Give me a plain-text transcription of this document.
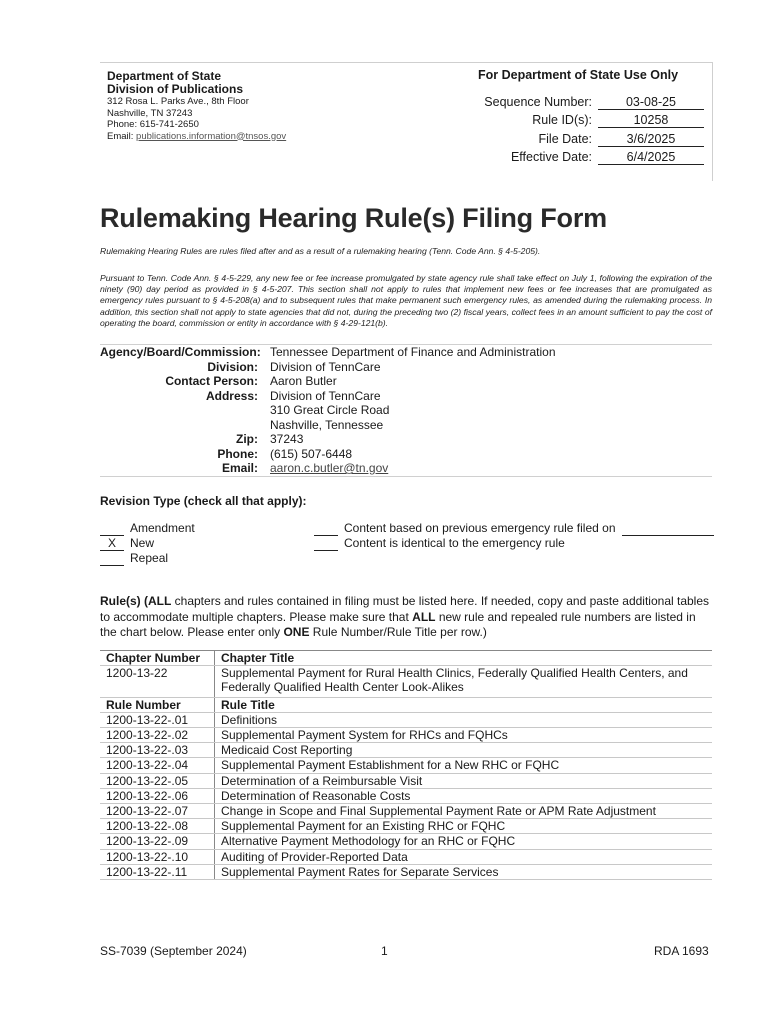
Department of State
Division of Publications
312 Rosa L. Parks Ave., 8th Floor
Nashville, TN 37243
Phone: 615-741-2650
Email: publications.information@tnsos.gov
For Department of State Use Only
Sequence Number:	03-08-25
Rule ID(s):	10258
File Date:	3/6/2025
Effective Date:	6/4/2025
Rulemaking Hearing Rule(s) Filing Form
Rulemaking Hearing Rules are rules filed after and as a result of a rulemaking hearing (Tenn. Code Ann. § 4-5-205).
Pursuant to Tenn. Code Ann. § 4-5-229, any new fee or fee increase promulgated by state agency rule shall take effect on July 1, following the expiration of the ninety (90) day period as provided in § 4-5-207. This section shall not apply to rules that implement new fees or fee increases that are promulgated as emergency rules pursuant to § 4-5-208(a) and to subsequent rules that make permanent such emergency rules, as amended during the rulemaking process. In addition, this section shall not apply to state agencies that did not, during the preceding two (2) fiscal years, collect fees in an amount sufficient to pay the cost of operating the board, commission or entity in accordance with § 4-29-121(b).
Agency/Board/Commission: Tennessee Department of Finance and Administration
Division:	Division of TennCare
Contact Person:	Aaron Butler
Address:	Division of TennCare
310 Great Circle Road
Nashville, Tennessee
Zip:	37243
Phone:	(615) 507-6448
Email:	aaron.c.butler@tn.gov
Revision Type (check all that apply):
Amendment
X	New
Repeal
Content based on previous emergency rule filed on
Content is identical to the emergency rule
Rule(s) (ALL chapters and rules contained in filing must be listed here. If needed, copy and paste additional tables to accommodate multiple chapters. Please make sure that ALL new rule and repealed rule numbers are listed in the chart below. Please enter only ONE Rule Number/Rule Title per row.)
Chapter Number	Chapter Title
1200-13-22	Supplemental Payment for Rural Health Clinics, Federally Qualified Health Centers, and Federally Qualified Health Center Look-Alikes
Rule Number	Rule Title
1200-13-22-.01	Definitions
1200-13-22-.02	Supplemental Payment System for RHCs and FQHCs
1200-13-22-.03	Medicaid Cost Reporting
1200-13-22-.04	Supplemental Payment Establishment for a New RHC or FQHC
1200-13-22-.05	Determination of a Reimbursable Visit
1200-13-22-.06	Determination of Reasonable Costs
1200-13-22-.07	Change in Scope and Final Supplemental Payment Rate or APM Rate Adjustment
1200-13-22-.08	Supplemental Payment for an Existing RHC or FQHC
1200-13-22-.09	Alternative Payment Methodology for an RHC or FQHC
1200-13-22-.10	Auditing of Provider-Reported Data
1200-13-22-.11	Supplemental Payment Rates for Separate Services
SS-7039 (September 2024)	1	RDA 1693
